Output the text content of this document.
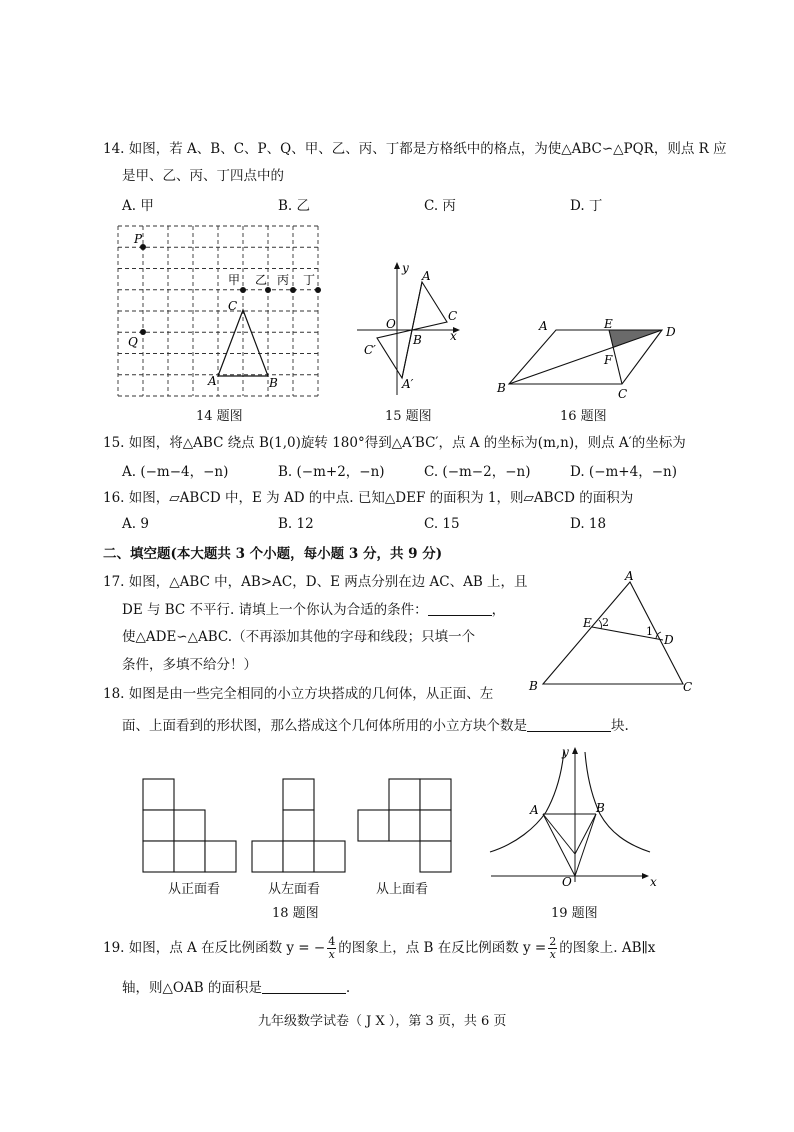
14. 如图，若 A、B、C、P、Q、甲、乙、丙、丁都是方格纸中的格点，为使△ABC∽△PQR，则点 R 应
是甲、乙、丙、丁四点中的
A. 甲	B. 乙	C. 丙	D. 丁
P
Q
C
A	B
甲 乙 丙 丁
14 题图
y
x
O
A
B
C
C′
A′
15 题图
A	E
D
F
B	C
16 题图
15. 如图，将△ABC 绕点 B(1,0)旋转 180°得到△A′BC′，点 A 的坐标为(m,n)，则点 A′的坐标为
A. (−m−4，−n)	B. (−m+2，−n)	C. (−m−2，−n)	D. (−m+4，−n)
16. 如图，▱ABCD 中，E 为 AD 的中点. 已知△DEF 的面积为 1，则▱ABCD 的面积为
A. 9	B. 12	C. 15	D. 18
二、填空题(本大题共 3 个小题，每小题 3 分，共 9 分)
17. 如图，△ABC 中，AB>AC，D、E 两点分别在边 AC、AB 上，且
DE 与 BC 不平行. 请填上一个你认为合适的条件：	，
使△ADE∽△ABC.（不再添加其他的字母和线段；只填一个
条件，多填不给分！）
A
E 2
1
D
B	C
18. 如图是由一些完全相同的小立方块搭成的几何体，从正面、左
面、上面看到的形状图，那么搭成这个几何体所用的小立方块个数是	块.
从正面看	从左面看	从上面看
18 题图
y
x
O
A	B
19 题图
19. 如图，点 A 在反比例函数 y = − $\frac{4}{x}$ 的图象上，点 B 在反比例函数 $y = \frac{2}{x}$ 的图象上. AB∥x
轴，则△OAB 的面积是	.
九年级数学试卷（ J X ），第 3 页，共 6 页
